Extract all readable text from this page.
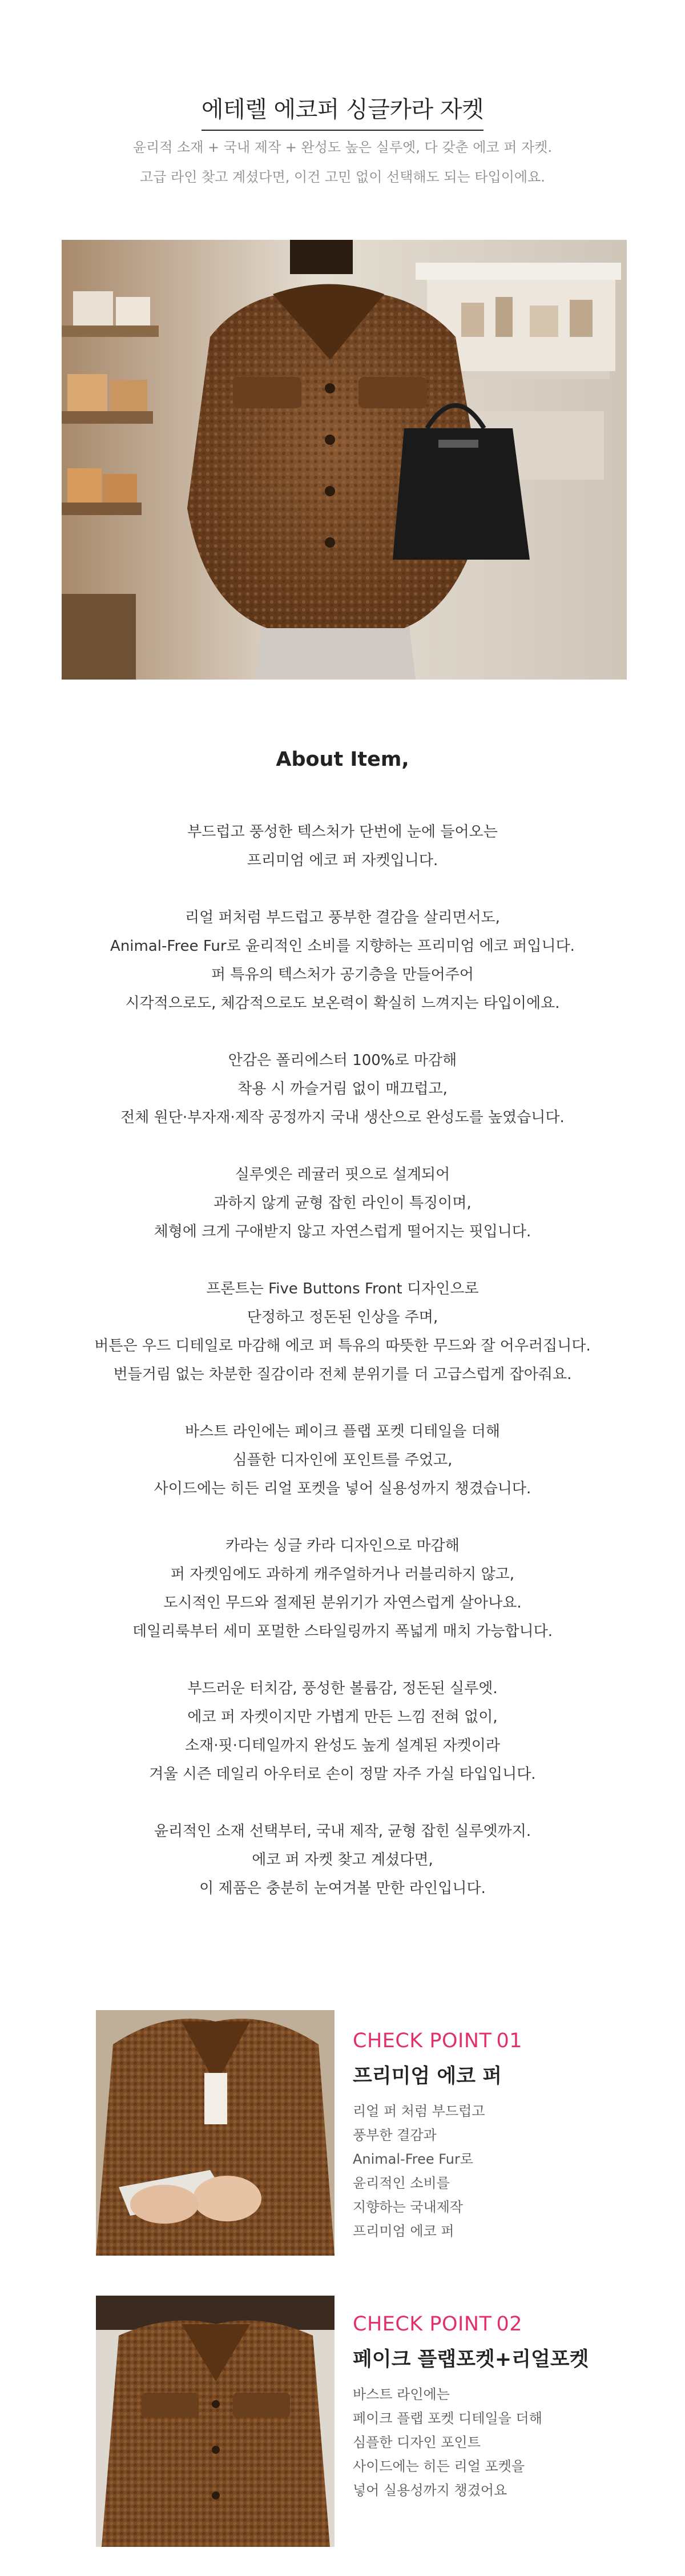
에테렐 에코퍼 싱글카라 자켓

윤리적 소재 + 국내 제작 + 완성도 높은 실루엣, 다 갖춘 에코 퍼 자켓.

고급 라인 찾고 계셨다면, 이건 고민 없이 선택해도 되는 타입이에요.

About Item,

부드럽고 풍성한 텍스처가 단번에 눈에 들어오는

프리미엄 에코 퍼 자켓입니다.

리얼 퍼처럼 부드럽고 풍부한 결감을 살리면서도,

Animal-Free Fur로 윤리적인 소비를 지향하는 프리미엄 에코 퍼입니다.

퍼 특유의 텍스처가 공기층을 만들어주어

시각적으로도, 체감적으로도 보온력이 확실히 느껴지는 타입이에요.

안감은 폴리에스터 100%로 마감해

착용 시 까슬거림 없이 매끄럽고,

전체 원단·부자재·제작 공정까지 국내 생산으로 완성도를 높였습니다.

실루엣은 레귤러 핏으로 설계되어

과하지 않게 균형 잡힌 라인이 특징이며,

체형에 크게 구애받지 않고 자연스럽게 떨어지는 핏입니다.

프론트는 Five Buttons Front 디자인으로

단정하고 정돈된 인상을 주며,

버튼은 우드 디테일로 마감해 에코 퍼 특유의 따뜻한 무드와 잘 어우러집니다.

번들거림 없는 차분한 질감이라 전체 분위기를 더 고급스럽게 잡아줘요.

바스트 라인에는 페이크 플랩 포켓 디테일을 더해

심플한 디자인에 포인트를 주었고,

사이드에는 히든 리얼 포켓을 넣어 실용성까지 챙겼습니다.

카라는 싱글 카라 디자인으로 마감해

퍼 자켓임에도 과하게 캐주얼하거나 러블리하지 않고,

도시적인 무드와 절제된 분위기가 자연스럽게 살아나요.

데일리룩부터 세미 포멀한 스타일링까지 폭넓게 매치 가능합니다.

부드러운 터치감, 풍성한 볼륨감, 정돈된 실루엣.

에코 퍼 자켓이지만 가볍게 만든 느낌 전혀 없이,

소재·핏·디테일까지 완성도 높게 설계된 자켓이라

겨울 시즌 데일리 아우터로 손이 정말 자주 가실 타입입니다.

윤리적인 소재 선택부터, 국내 제작, 균형 잡힌 실루엣까지.

에코 퍼 자켓 찾고 계셨다면,

이 제품은 충분히 눈여겨볼 만한 라인입니다.

CHECK POINT 01
프리미엄 에코 퍼

리얼 퍼 처럼 부드럽고

풍부한 결감과

Animal-Free Fur로

윤리적인 소비를

지향하는 국내제작

프리미엄 에코 퍼

CHECK POINT 02
페이크 플랩포켓+리얼포켓

바스트 라인에는

페이크 플랩 포켓 디테일을 더해

심플한 디자인 포인트

사이드에는 히든 리얼 포켓을

넣어 실용성까지 챙겼어요
